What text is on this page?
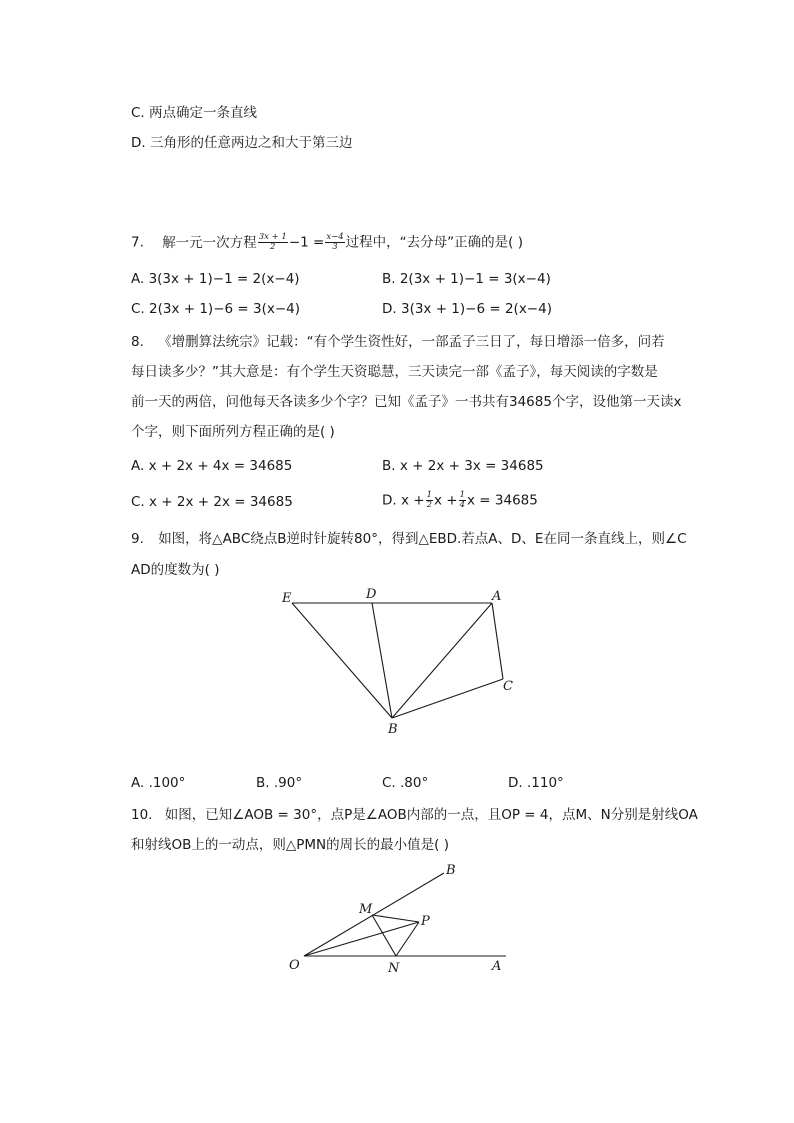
C. 两点确定一条直线
D. 三角形的任意两边之和大于第三边
7. 解一元一次方程 $\frac{3x + 1}{2} -1 = \frac{x-4}{3}$ 过程中，“去分母”正确的是( )
A. 3(3x + 1)−1 = 2(x−4)	B. 2(3x + 1)−1 = 3(x−4)
C. 2(3x + 1)−6 = 3(x−4)	D. 3(3x + 1)−6 = 2(x−4)
8. 《增删算法统宗》记载：“有个学生资性好，一部孟子三日了，每日增添一倍多，问若
每日读多少？”其大意是：有个学生天资聪慧，三天读完一部《孟子》，每天阅读的字数是
前一天的两倍，问他每天各读多少个字？已知《孟子》一书共有34685个字，设他第一天读x
个字，则下面所列方程正确的是( )
A. x + 2x + 4x = 34685	B. x + 2x + 3x = 34685
C. x + 2x + 2x = 34685	D. $x + \frac{1}{2}$ $x + \frac{1}{4}$ x = 34685
9. 如图，将△ABC绕点B逆时针旋转80°，得到△EBD.若点A、D、E在同一条直线上，则∠C
AD的度数为( )
E	D	A
C
B
A. .100°	B. .90°	C. .80°	D. .110°
10. 如图，已知∠AOB = 30°，点P是∠AOB内部的一点，且OP = 4，点M、N分别是射线OA
和射线OB上的一动点，则△PMN的周长的最小值是( )
B
M
P
O	N	A
